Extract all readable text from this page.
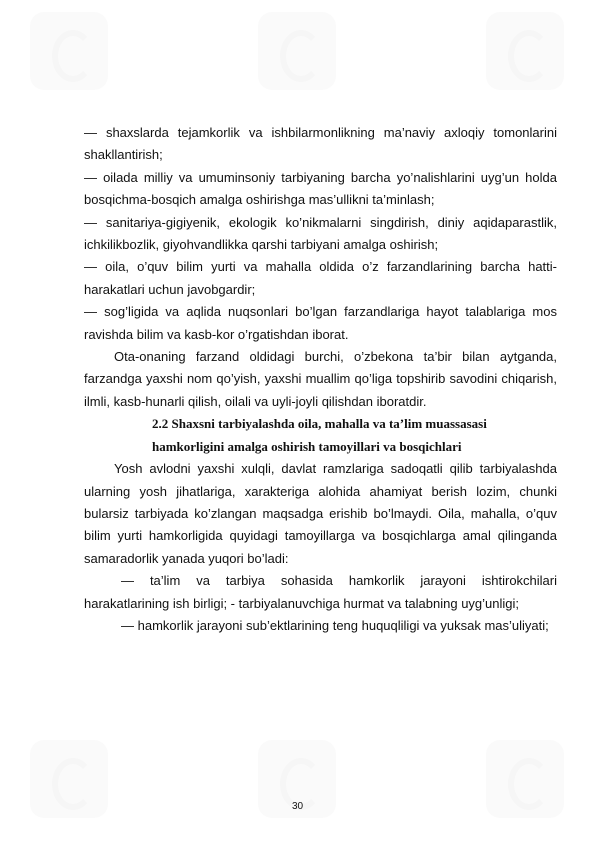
— shaxslarda tejamkorlik va ishbilarmonlikning ma’naviy axloqiy tomonlarini shakllantirish;

— oilada milliy va umuminsoniy tarbiyaning barcha yo’nalishlarini uyg’un holda bosqichma-bosqich amalga oshirishga mas’ullikni ta’minlash;

— sanitariya-gigiyenik, ekologik ko’nikmalarni singdirish, diniy aqidaparastlik, ichkilikbozlik, giyohvandlikka qarshi tarbiyani amalga oshirish;

— oila, o’quv bilim yurti va mahalla oldida o’z farzandlarining barcha hatti-harakatlari uchun javobgardir;

— sog’ligida va aqlida nuqsonlari bo’lgan farzandlariga hayot talablariga mos ravishda bilim va kasb-kor o’rgatishdan iborat.

Ota-onaning farzand oldidagi burchi, o’zbekona ta’bir bilan aytganda, farzandga yaxshi nom qo’yish, yaxshi muallim qo’liga topshirib savodini chiqarish, ilmli, kasb-hunarli qilish, oilali va uyli-joyli qilishdan iboratdir.

2.2 Shaxsni tarbiyalashda oila, mahalla va ta’lim muassasasi
hamkorligini amalga oshirish tamoyillari va bosqichlari

Yosh avlodni yaxshi xulqli, davlat ramzlariga sadoqatli qilib tarbiyalashda ularning yosh jihatlariga, xarakteriga alohida ahamiyat berish lozim, chunki bularsiz tarbiyada ko’zlangan maqsadga erishib bo’lmaydi. Oila, mahalla, o’quv bilim yurti hamkorligida quyidagi tamoyillarga va bosqichlarga amal qilinganda samaradorlik yanada yuqori bo’ladi:

— ta’lim va tarbiya sohasida hamkorlik jarayoni ishtirokchilari harakatlarining ish birligi; - tarbiyalanuvchiga hurmat va talabning uyg’unligi;

— hamkorlik jarayoni sub’ektlarining teng huquqliligi va yuksak mas’uliyati;

30
